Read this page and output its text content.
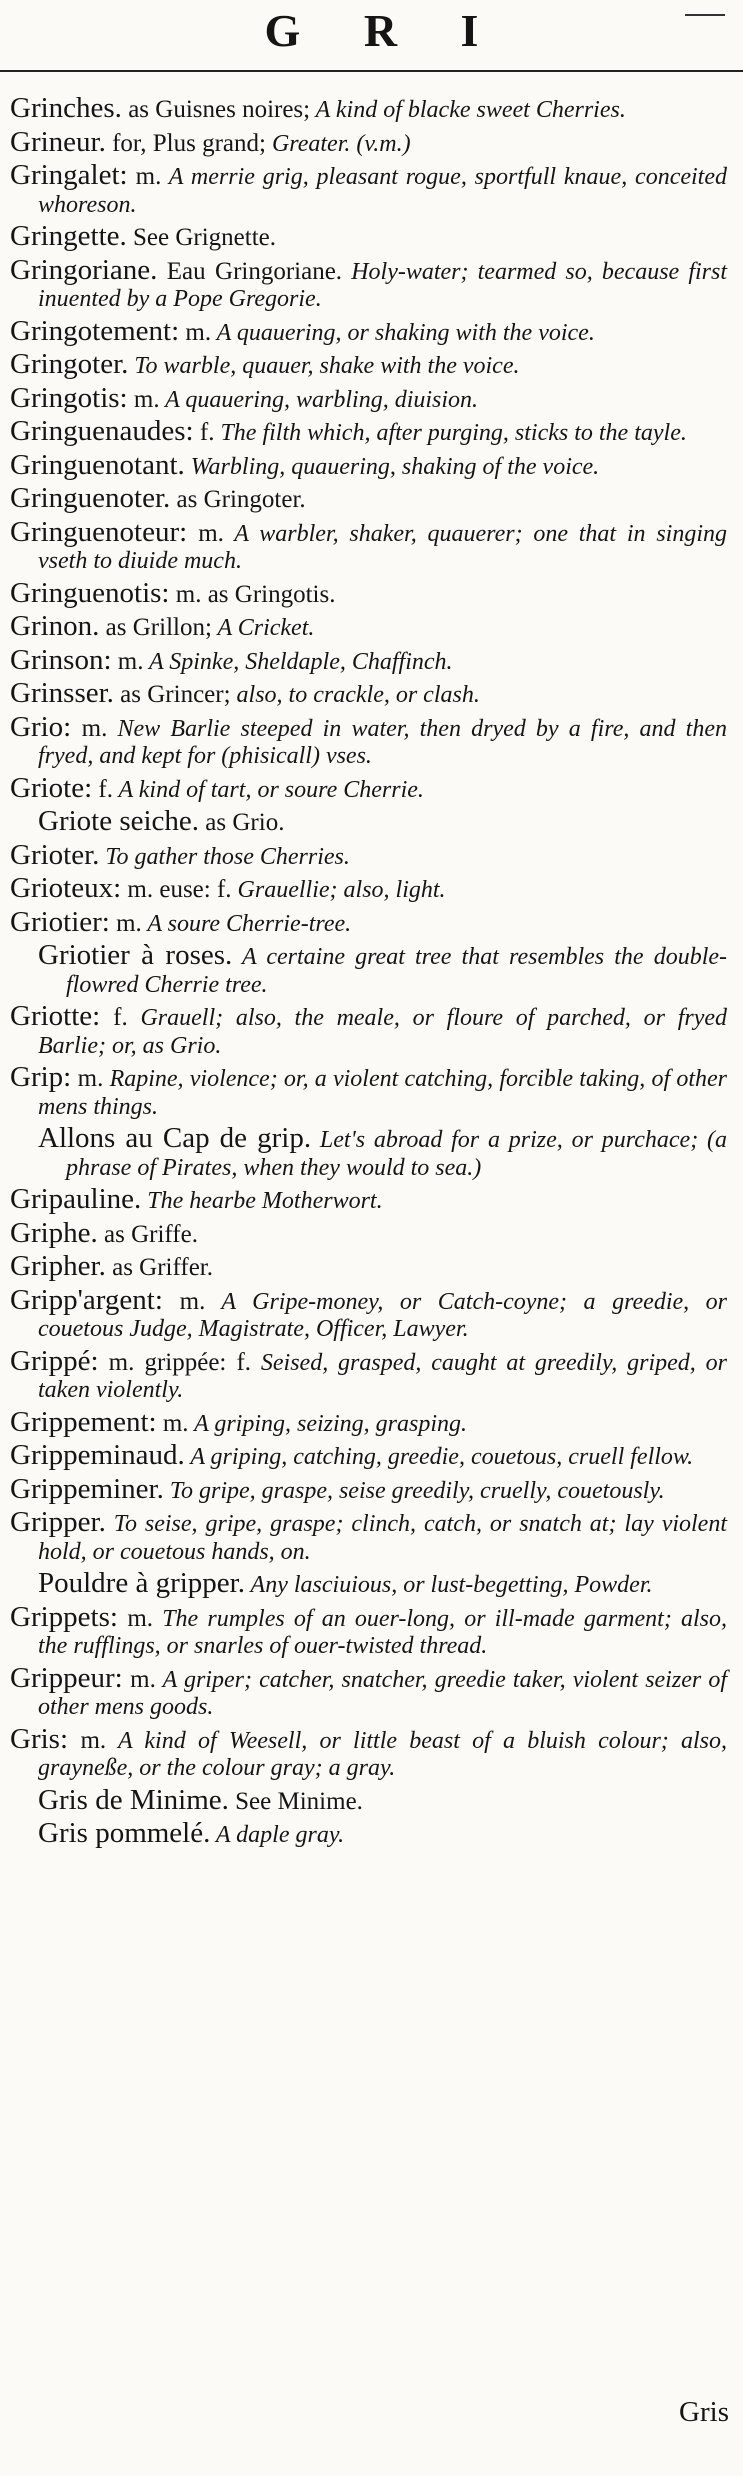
G R I

Grinches. as Guisnes noires; A kind of blacke sweet Cherries.

Grineur. for, Plus grand; Greater. (v.m.)

Gringalet: m. A merrie grig, pleasant rogue, sportfull knaue, conceited whoreson.

Gringette. See Grignette.

Gringoriane. Eau Gringoriane. Holy-water; tearmed so, because first inuented by a Pope Gregorie.

Gringotement: m. A quauering, or shaking with the voice.

Gringoter. To warble, quauer, shake with the voice.

Gringotis: m. A quauering, warbling, diuision.

Gringuenaudes: f. The filth which, after purging, sticks to the tayle.

Gringuenotant. Warbling, quauering, shaking of the voice.

Gringuenoter. as Gringoter.

Gringuenoteur: m. A warbler, shaker, quauerer; one that in singing vseth to diuide much.

Gringuenotis: m. as Gringotis.

Grinon. as Grillon; A Cricket.

Grinson: m. A Spinke, Sheldaple, Chaffinch.

Grinsser. as Grincer; also, to crackle, or clash.

Grio: m. New Barlie steeped in water, then dryed by a fire, and then fryed, and kept for (phisicall) vses.

Griote: f. A kind of tart, or soure Cherrie.

Griote seiche. as Grio.

Grioter. To gather those Cherries.

Grioteux: m. euse: f. Grauellie; also, light.

Griotier: m. A soure Cherrie-tree.

Griotier à roses. A certaine great tree that resembles the double-flowred Cherrie tree.

Griotte: f. Grauell; also, the meale, or floure of parched, or fryed Barlie; or, as Grio.

Grip: m. Rapine, violence; or, a violent catching, forcible taking, of other mens things.

Allons au Cap de grip. Let's abroad for a prize, or purchace; (a phrase of Pirates, when they would to sea.)

Gripauline. The hearbe Motherwort.

Griphe. as Griffe.

Gripher. as Griffer.

Gripp'argent: m. A Gripe-money, or Catch-coyne; a greedie, or couetous Judge, Magistrate, Officer, Lawyer.

Grippé: m. grippée: f. Seised, grasped, caught at greedily, griped, or taken violently.

Grippement: m. A griping, seizing, grasping.

Grippeminaud. A griping, catching, greedie, couetous, cruell fellow.

Grippeminer. To gripe, graspe, seise greedily, cruelly, couetously.

Gripper. To seise, gripe, graspe; clinch, catch, or snatch at; lay violent hold, or couetous hands, on.

Pouldre à gripper. Any lasciuious, or lust-begetting, Powder.

Grippets: m. The rumples of an ouer-long, or ill-made garment; also, the rufflings, or snarles of ouer-twisted thread.

Grippeur: m. A griper; catcher, snatcher, greedie taker, violent seizer of other mens goods.

Gris: m. A kind of Weesell, or little beast of a bluish colour; also, grayneße, or the colour gray; a gray.

Gris de Minime. See Minime.

Gris pommelé. A daple gray.

Gris
